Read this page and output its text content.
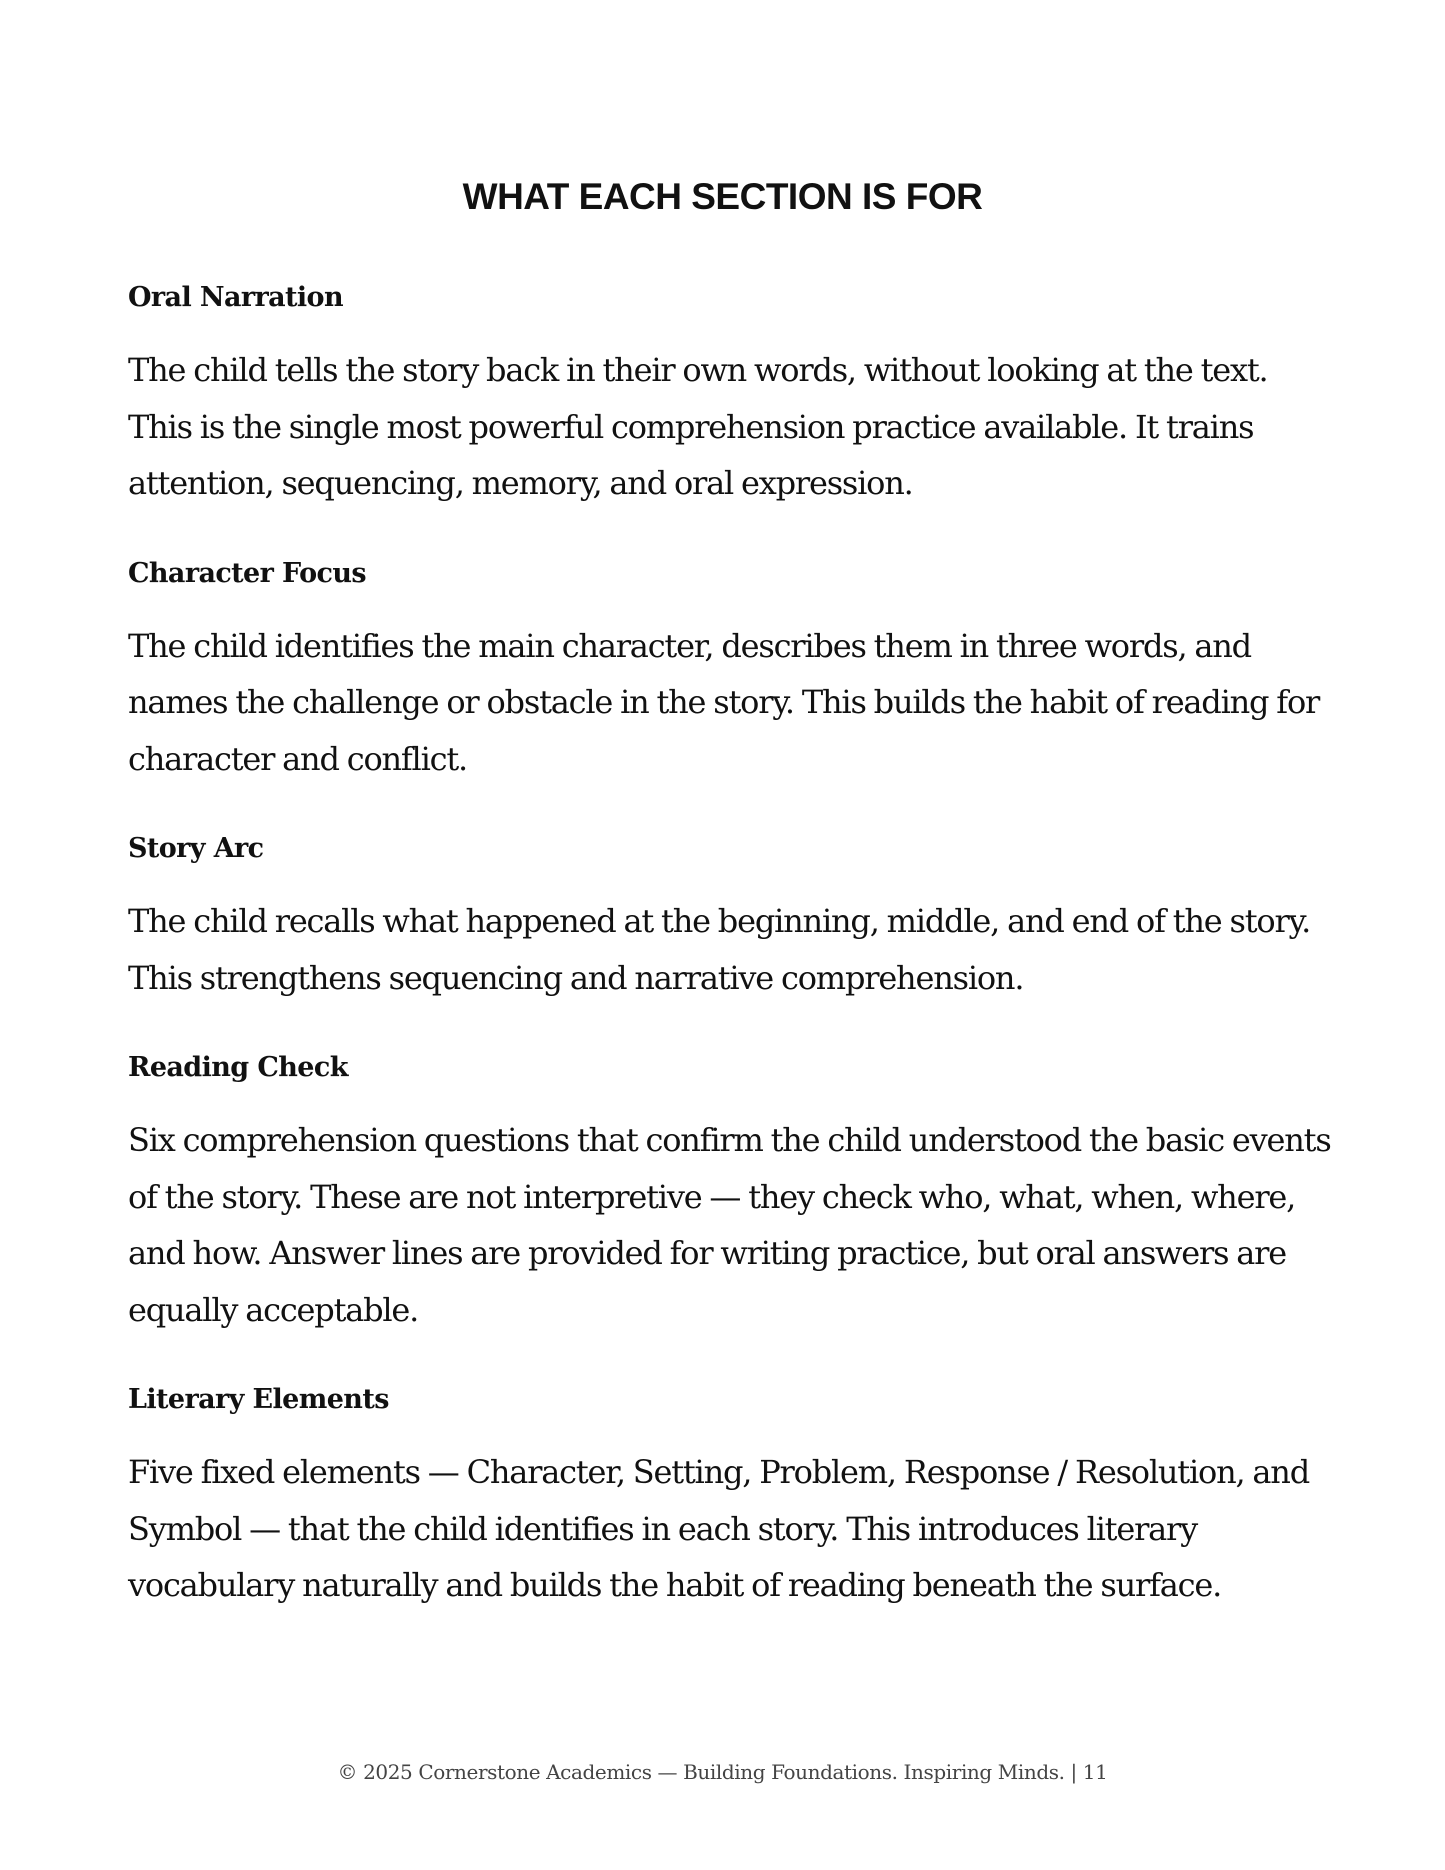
WHAT EACH SECTION IS FOR
Oral Narration

The child tells the story back in their own words, without looking at the text. This is the single most powerful comprehension practice available. It trains attention, sequencing, memory, and oral expression.

Character Focus

The child identifies the main character, describes them in three words, and names the challenge or obstacle in the story. This builds the habit of reading for character and conflict.

Story Arc

The child recalls what happened at the beginning, middle, and end of the story. This strengthens sequencing and narrative comprehension.

Reading Check

Six comprehension questions that confirm the child understood the basic events of the story. These are not interpretive — they check who, what, when, where, and how. Answer lines are provided for writing practice, but oral answers are equally acceptable.

Literary Elements

Five fixed elements — Character, Setting, Problem, Response / Resolution, and Symbol — that the child identifies in each story. This introduces literary vocabulary naturally and builds the habit of reading beneath the surface.

© 2025 Cornerstone Academics — Building Foundations. Inspiring Minds. | 11
